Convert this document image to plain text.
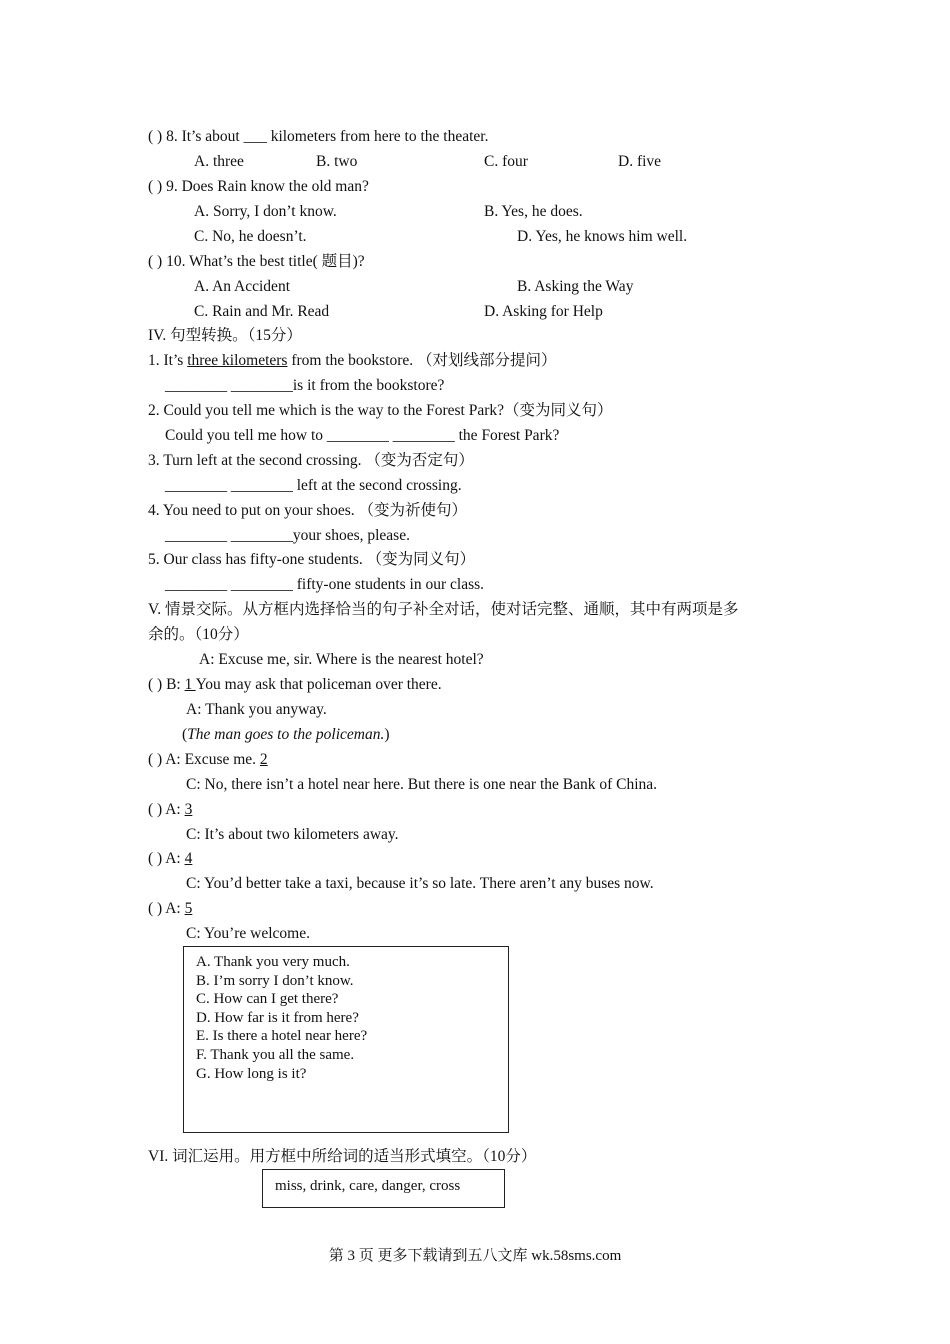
( ) 8. It’s about ___ kilometers from here to the theater.
A. three	B. two	C. four	D. five
( ) 9. Does Rain know the old man?
A. Sorry, I don’t know.	B. Yes, he does.
C. No, he doesn’t.	D. Yes, he knows him well.
( ) 10. What’s the best title( 题目)?
A. An Accident	B. Asking the Way
C. Rain and Mr. Read	D. Asking for Help
IV. 句型转换。（15分）
1. It’s three kilometers from the bookstore. （对划线部分提问）
________ ________is it from the bookstore?
2. Could you tell me which is the way to the Forest Park?（变为同义句）
Could you tell me how to ________ ________ the Forest Park?
3. Turn left at the second crossing. （变为否定句）
________ ________ left at the second crossing.
4. You need to put on your shoes. （变为祈使句）
________ ________your shoes, please.
5. Our class has fifty-one students. （变为同义句）
________ ________ fifty-one students in our class.
V. 情景交际。从方框内选择恰当的句子补全对话，使对话完整、通顺，其中有两项是多
余的。（10分）
A: Excuse me, sir. Where is the nearest hotel?
( ) B: 1 You may ask that policeman over there.
A: Thank you anyway.
(The man goes to the policeman.)
( ) A: Excuse me. 2
C: No, there isn’t a hotel near here. But there is one near the Bank of China.
( ) A: 3
C: It’s about two kilometers away.
( ) A: 4
C: You’d better take a taxi, because it’s so late. There aren’t any buses now.
( ) A: 5
C: You’re welcome.
A. Thank you very much.
B. I’m sorry I don’t know.
C. How can I get there?
D. How far is it from here?
E. Is there a hotel near here?
F. Thank you all the same.
G. How long is it?
VI. 词汇运用。用方框中所给词的适当形式填空。（10分）
miss, drink, care, danger, cross
第 3 页 更多下载请到五八文库 wk.58sms.com
